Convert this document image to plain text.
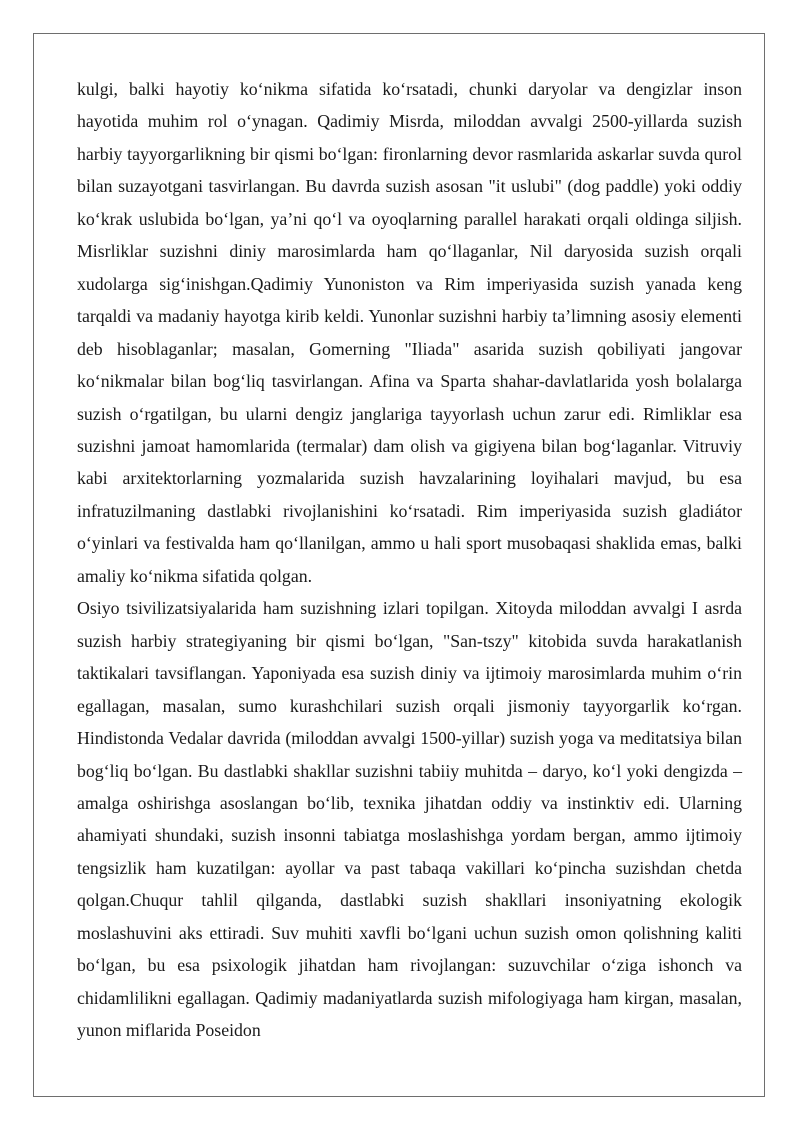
kulgi, balki hayotiy ko‘nikma sifatida ko‘rsatadi, chunki daryolar va dengizlar inson hayotida muhim rol o‘ynagan. Qadimiy Misrda, miloddan avvalgi 2500-yillarda suzish harbiy tayyorgarlikning bir qismi bo‘lgan: fironlarning devor rasmlarida askarlar suvda qurol bilan suzayotgani tasvirlangan. Bu davrda suzish asosan "it uslubi" (dog paddle) yoki oddiy ko‘krak uslubida bo‘lgan, ya’ni qo‘l va oyoqlarning parallel harakati orqali oldinga siljish. Misrliklar suzishni diniy marosimlarda ham qo‘llaganlar, Nil daryosida suzish orqali xudolarga sig‘inishgan.Qadimiy Yunoniston va Rim imperiyasida suzish yanada keng tarqaldi va madaniy hayotga kirib keldi. Yunonlar suzishni harbiy ta’limning asosiy elementi deb hisoblaganlar; masalan, Gomerning "Iliada" asarida suzish qobiliyati jangovar ko‘nikmalar bilan bog‘liq tasvirlangan. Afina va Sparta shahar-davlatlarida yosh bolalarga suzish o‘rgatilgan, bu ularni dengiz janglariga tayyorlash uchun zarur edi. Rimliklar esa suzishni jamoat hamomlarida (termalar) dam olish va gigiyena bilan bog‘laganlar. Vitruviy kabi arxitektorlarning yozmalarida suzish havzalarining loyihalari mavjud, bu esa infratuzilmaning dastlabki rivojlanishini ko‘rsatadi. Rim imperiyasida suzish gladiátor o‘yinlari va festivalda ham qo‘llanilgan, ammo u hali sport musobaqasi shaklida emas, balki amaliy ko‘nikma sifatida qolgan.

Osiyo tsivilizatsiyalarida ham suzishning izlari topilgan. Xitoyda miloddan avvalgi I asrda suzish harbiy strategiyaning bir qismi bo‘lgan, "San-tszy" kitobida suvda harakatlanish taktikalari tavsiflangan. Yaponiyada esa suzish diniy va ijtimoiy marosimlarda muhim o‘rin egallagan, masalan, sumo kurashchilari suzish orqali jismoniy tayyorgarlik ko‘rgan. Hindistonda Vedalar davrida (miloddan avvalgi 1500-yillar) suzish yoga va meditatsiya bilan bog‘liq bo‘lgan. Bu dastlabki shakllar suzishni tabiiy muhitda – daryo, ko‘l yoki dengizda – amalga oshirishga asoslangan bo‘lib, texnika jihatdan oddiy va instinktiv edi. Ularning ahamiyati shundaki, suzish insonni tabiatga moslashishga yordam bergan, ammo ijtimoiy tengsizlik ham kuzatilgan: ayollar va past tabaqa vakillari ko‘pincha suzishdan chetda qolgan.Chuqur tahlil qilganda, dastlabki suzish shakllari insoniyatning ekologik moslashuvini aks ettiradi. Suv muhiti xavfli bo‘lgani uchun suzish omon qolishning kaliti bo‘lgan, bu esa psixologik jihatdan ham rivojlangan: suzuvchilar o‘ziga ishonch va chidamlilikni egallagan. Qadimiy madaniyatlarda suzish mifologiyaga ham kirgan, masalan, yunon miflarida Poseidon
